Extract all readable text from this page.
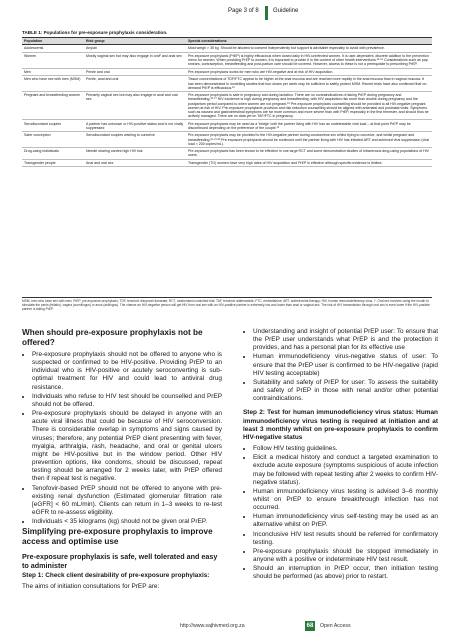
Page 3 of 8 Guideline
TABLE 1: Populations for pre-exposure prophylaxis consideration.
Population	Risk group	Special considerations
Adolescents	Any/all	Must weigh > 35 kg. Should be allowed to consent independently but support is advisable especially to avoid with prevalence.
Women	Mostly vaginal sex but may also engage in oral² and anal sex	Pre-exposure prophylaxis (PrEP) is highly efficacious when dosed daily in HIV-uninfected women. It is user-dependent, discrete addition to the prevention menu for women. When providing PrEP to women, it is important to provide it in the context of other health interventions.¹³·¹⁴ Considerations such as pap smears, contraception, breastfeeding and post-partum care should be covered. However, access to these is not a prerequisite to prescribing PrEP.
Men	Penile and oral	Pre-exposure prophylaxis works for men who are HIV-negative and at risk of HIV acquisition.
Men who have sex with men (MSM)	Penile, anal and oral	Tissue concentrations of TDF/FTC appear to be higher at the anal mucosa and are reached more rapidly in the anal mucosa than in vaginal mucosa. It has been demonstrated in modelling studies that four doses per week may be sufficient to safely protect MSM. Recent trials have also confirmed that on-demand PrEP is efficacious.¹⁵
Pregnant and breastfeeding women	Primarily vaginal sex but may also engage in anal and oral sex	Pre-exposure prophylaxis is safe in pregnancy and during lactation. There are no contraindications of taking PrEP during pregnancy and breastfeeding.¹⁶·¹⁷ HIV incidence is high during pregnancy and breastfeeding, with HIV acquisition risk more than double during pregnancy and the postpartum period compared to when women are not pregnant.¹⁸ Pre-exposure prophylaxis counselling should be provided to all HIV-negative pregnant women at risk of HIV. Pre-exposure prophylaxis provision and risk reduction counselling should be aligned with antenatal and postnatal visits. Symptoms such as nausea and gastrointestinal symptoms are far more common and more severe than with PrEP, especially in the first trimester, and should thus be actively managed. There are no data yet on TAF/FTC in pregnancy.
Serodiscordant couples	A partner has unknown or HIV-positive status and is not virally suppressed	Pre-exposure prophylaxis may be used as a 'bridge' until the partner living with HIV has an undetectable viral load – at that point PrEP may be discontinued depending on the preference of the couple.¹⁹
Safer conception	Serodiscordant couples wishing to conceive	Pre-exposure prophylaxis may be provided to the HIV-negative partner during condomless sex whilst trying to conceive, and whilst pregnant and breastfeeding.²⁰·²¹·²² Pre-exposure prophylaxis should be continued until the partner living with HIV has initiated ART and achieved viral suppression (viral load < 200 copies/mL).
Drug-using individuals	Needle sharing carries high HIV risk	Pre-exposure prophylaxis has been shown to be effective in one large RCT and some demonstration studies of intravenous drug-using populations of HIV users.
Transgender people	Anal and oral sex	Transgender (TG) women have very high rates of HIV acquisition and PrEP is effective although specific evidence is limited.
MSM, men who have sex with men; PrEP, pre-exposure prophylaxis; TDF, tenofovir disoproxil fumarate; RCT, randomised controlled trial; TAF, tenofovir alafenamide; FTC, emtricitabine; ART, antiretroviral therapy; HIV, human immunodeficiency virus. †, Oral sex involves using the mouth to stimulate the penis (fellatio), vagina (cunnilingus) or anus (anilingus). The chance an HIV-negative person will get HIV from oral sex with an HIV-positive partner is extremely low and lower than anal or vaginal sex. The risk of HIV transmission through oral sex is even lower if the HIV-positive partner is taking PrEP.
When should pre-exposure prophylaxis not be offered?
• Pre-exposure prophylaxis should not be offered to anyone who is suspected or confirmed to be HIV-positive. Providing PrEP to an individual who is HIV-positive or acutely seroconverting is sub-optimal treatment for HIV and could lead to antiviral drug resistance.
• Individuals who refuse to HIV test should be counselled and PrEP should not be offered.
• Pre-exposure prophylaxis should be delayed in anyone with an acute viral illness that could be because of HIV seroconversion. There is considerable overlap in symptoms and signs caused by viruses; therefore, any potential PrEP client presenting with fever, myalgia, arthralgia, rash, headache, and oral or genital ulcers might be HIV-positive but in the window period. Other HIV prevention options, like condoms, should be discussed, repeat testing should be arranged for 2 weeks later, with PrEP offered then if repeat test is negative.
• Tenofovir-based PrEP should not be offered to anyone with pre-existing renal dysfunction (Estimated glomerular filtration rate [eGFR] < 60 mL/min). Clients can return in 1–3 weeks to re-test eGFR to re-assess eligibility.
• Individuals < 35 kilograms (kg) should not be given oral PrEP.
Simplifying pre-exposure prophylaxis to improve access and optimise use
Pre-exposure prophylaxis is safe, well tolerated and easy to administer

Step 1: Check client desirability of pre-exposure prophylaxis:

The aims of initiation consultations for PrEP are:

• Understanding and insight of potential PrEP user: To ensure that the PrEP user understands what PrEP is and the protection it provides, and has a personal plan for its effective use
• Human immunodeficiency virus-negative status of user: To ensure that the PrEP user is confirmed to be HIV-negative (rapid HIV testing acceptable)
• Suitability and safety of PrEP for user: To assess the suitability and safety of PrEP in those with renal and/or other potential contraindications.

Step 2: Test for human immunodeficiency virus status: Human immunodeficiency virus testing is required at initiation and at least 3 monthly whilst on pre-exposure prophylaxis to confirm HIV-negative status

• Follow HIV testing guidelines.
• Elicit a medical history and conduct a targeted examination to exclude acute exposure (symptoms suspicious of acute infection may be followed with repeat testing after 2 weeks to confirm HIV-negative status).
• Human immunodeficiency virus testing is advised 3–6 monthly whilst on PrEP to ensure breakthrough infection has not occurred.
• Human immunodeficiency virus self-testing may be used as an alternative whilst on PrEP.
• Inconclusive HIV test results should be referred for confirmatory testing.
• Pre-exposure prophylaxis should be stopped immediately in anyone with a positive or indeterminate HIV test result.
• Should an interruption in PrEP occur, then initiation testing should be performed (as above) prior to restart.
http://www.sajhivmed.org.za	68	Open Access
